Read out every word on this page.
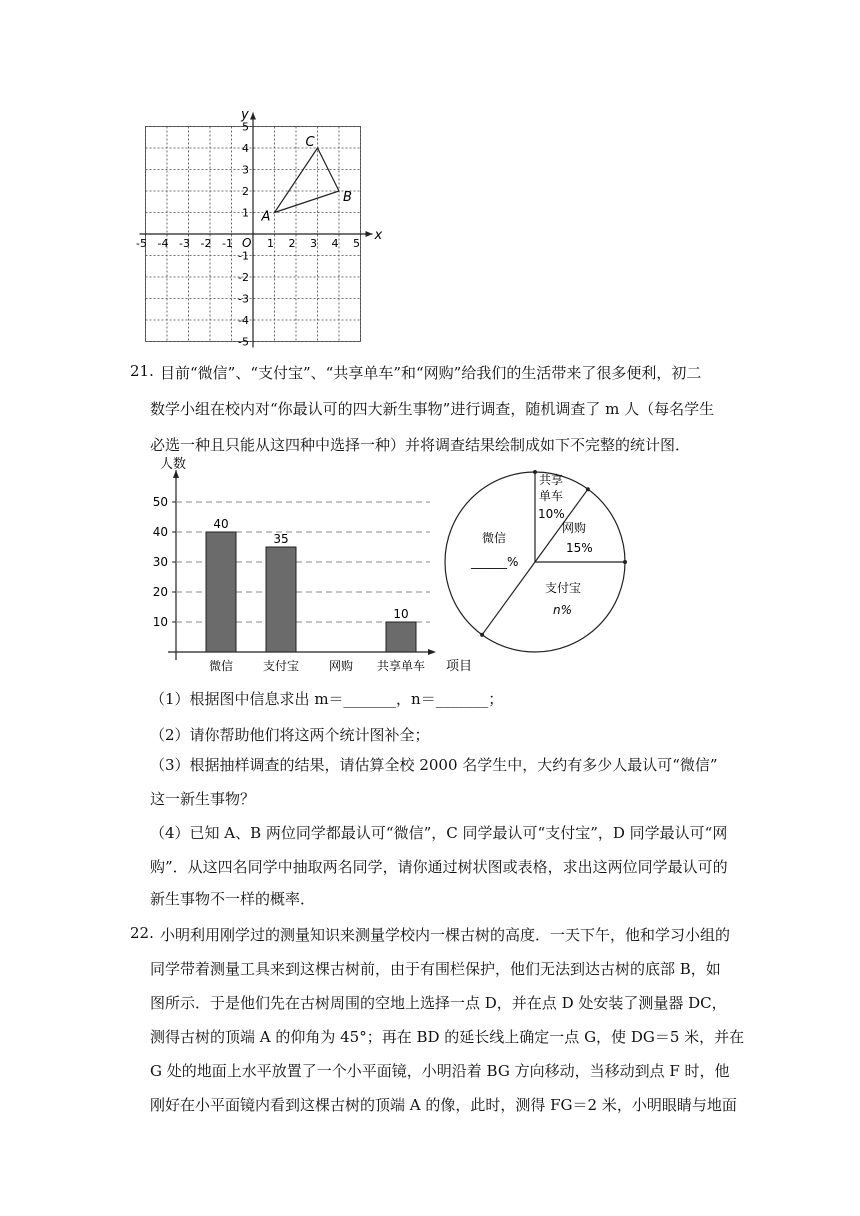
x
y
O
-5 -4 -3 -2 -1	1 2 3 4 5
5
4
3
2
1
-1
-2
-3
-4
-5
A
B
C
21. 目前“微信”、“支付宝”、“共享单车”和“网购”给我们的生活带来了很多便利，初二
数学小组在校内对“你最认可的四大新生事物”进行调查，随机调查了 m 人（每名学生
必选一种且只能从这四种中选择一种）并将调查结果绘制成如下不完整的统计图．
人数
项目
10
20
30
40
50
40
微信
35
支付宝 网购
10
共享单车
共享
单车
10%
网购
15%
支付宝
n%
微信
______%
（1）根据图中信息求出 m＝_______，n＝_______；
（2）请你帮助他们将这两个统计图补全；
（3）根据抽样调查的结果，请估算全校 2000 名学生中，大约有多少人最认可“微信”
这一新生事物？
（4）已知 A、B 两位同学都最认可“微信”，C 同学最认可“支付宝”，D 同学最认可“网
购”．从这四名同学中抽取两名同学，请你通过树状图或表格，求出这两位同学最认可的
新生事物不一样的概率．
22. 小明利用刚学过的测量知识来测量学校内一棵古树的高度．一天下午，他和学习小组的
同学带着测量工具来到这棵古树前，由于有围栏保护，他们无法到达古树的底部 B，如
图所示．于是他们先在古树周围的空地上选择一点 D，并在点 D 处安装了测量器 DC，
测得古树的顶端 A 的仰角为 45°；再在 BD 的延长线上确定一点 G，使 DG＝5 米，并在
G 处的地面上水平放置了一个小平面镜，小明沿着 BG 方向移动，当移动到点 F 时，他
刚好在小平面镜内看到这棵古树的顶端 A 的像，此时，测得 FG＝2 米，小明眼睛与地面
